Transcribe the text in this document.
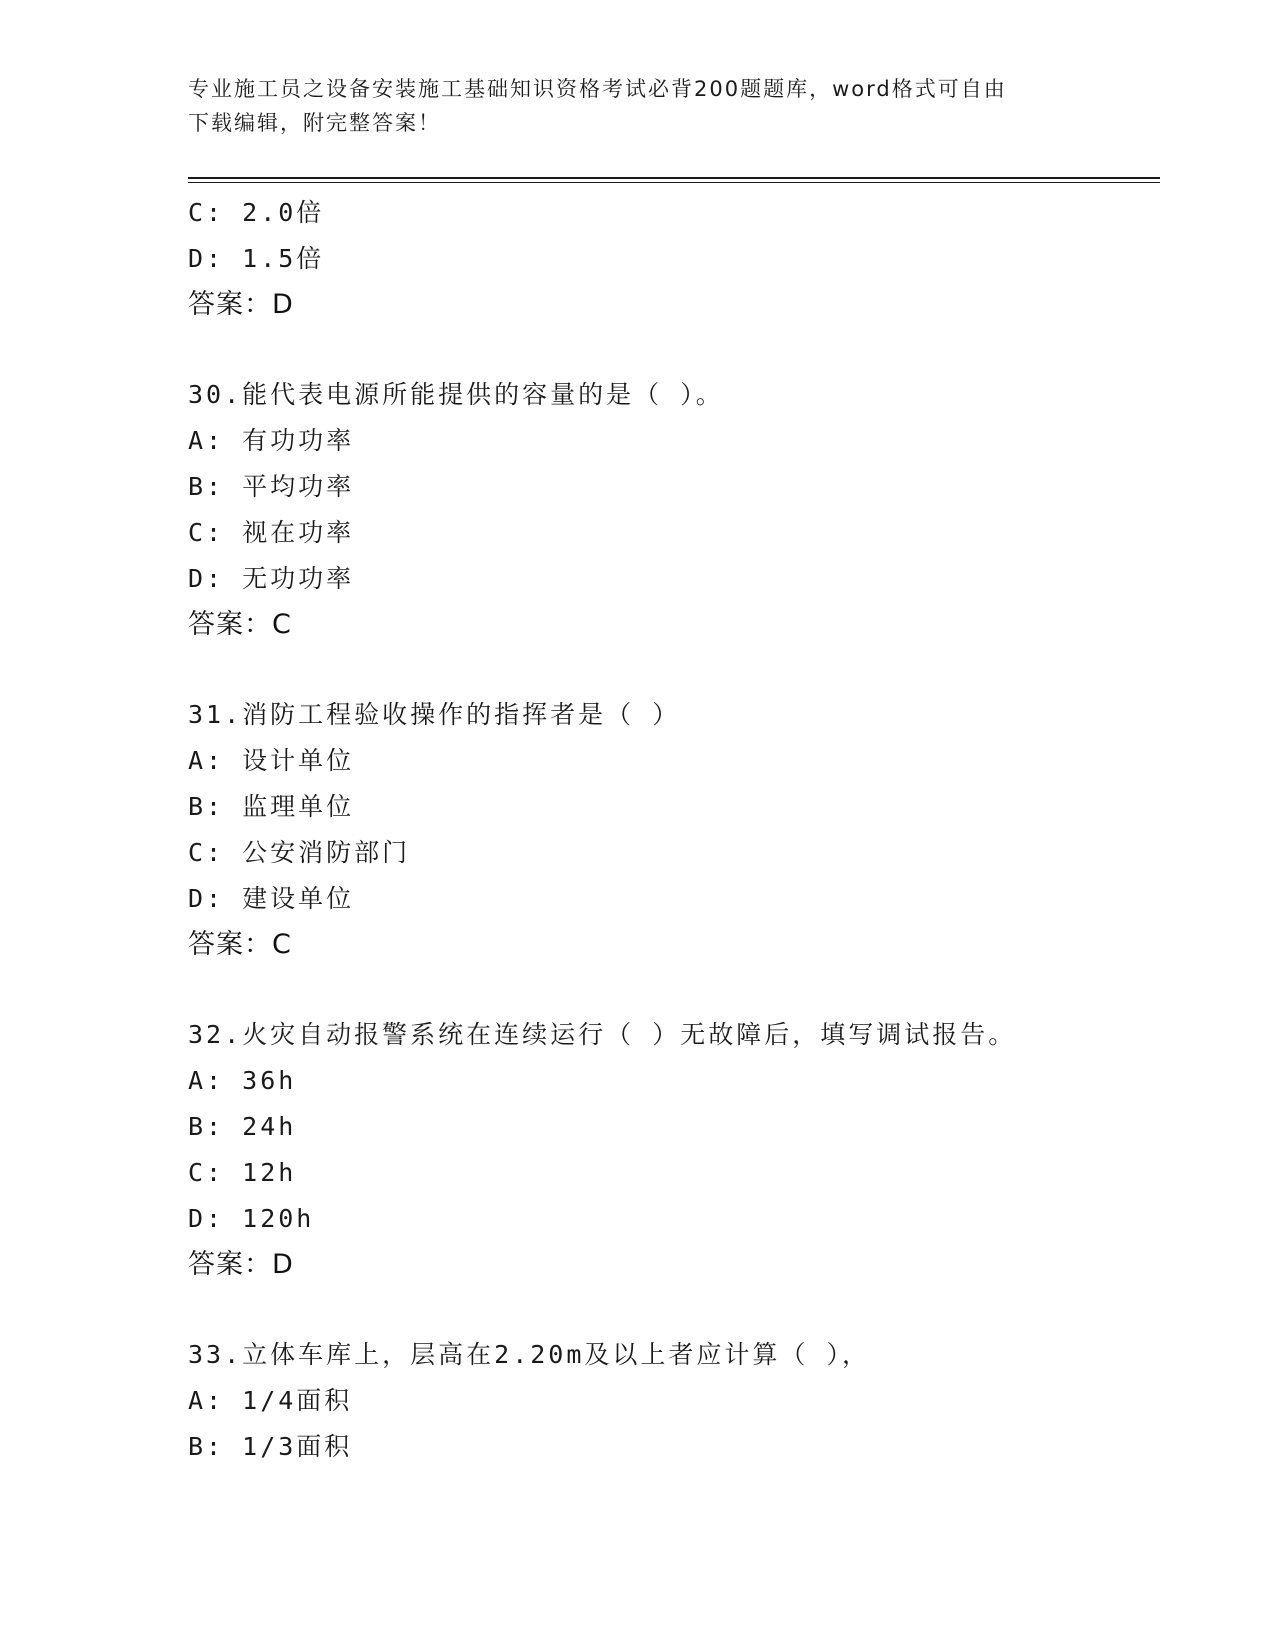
专业施工员之设备安装施工基础知识资格考试必背200题题库，word格式可自由
下载编辑，附完整答案！
C: 2.0倍
D: 1.5倍
答案：D
30.能代表电源所能提供的容量的是（ ）。
A: 有功功率
B: 平均功率
C: 视在功率
D: 无功功率
答案：C
31.消防工程验收操作的指挥者是（ ）
A: 设计单位
B: 监理单位
C: 公安消防部门
D: 建设单位
答案：C
32.火灾自动报警系统在连续运行（ ）无故障后，填写调试报告。
A: 36h
B: 24h
C: 12h
D: 120h
答案：D
33.立体车库上，层高在2.20m及以上者应计算（ ），
A: 1/4面积
B: 1/3面积
